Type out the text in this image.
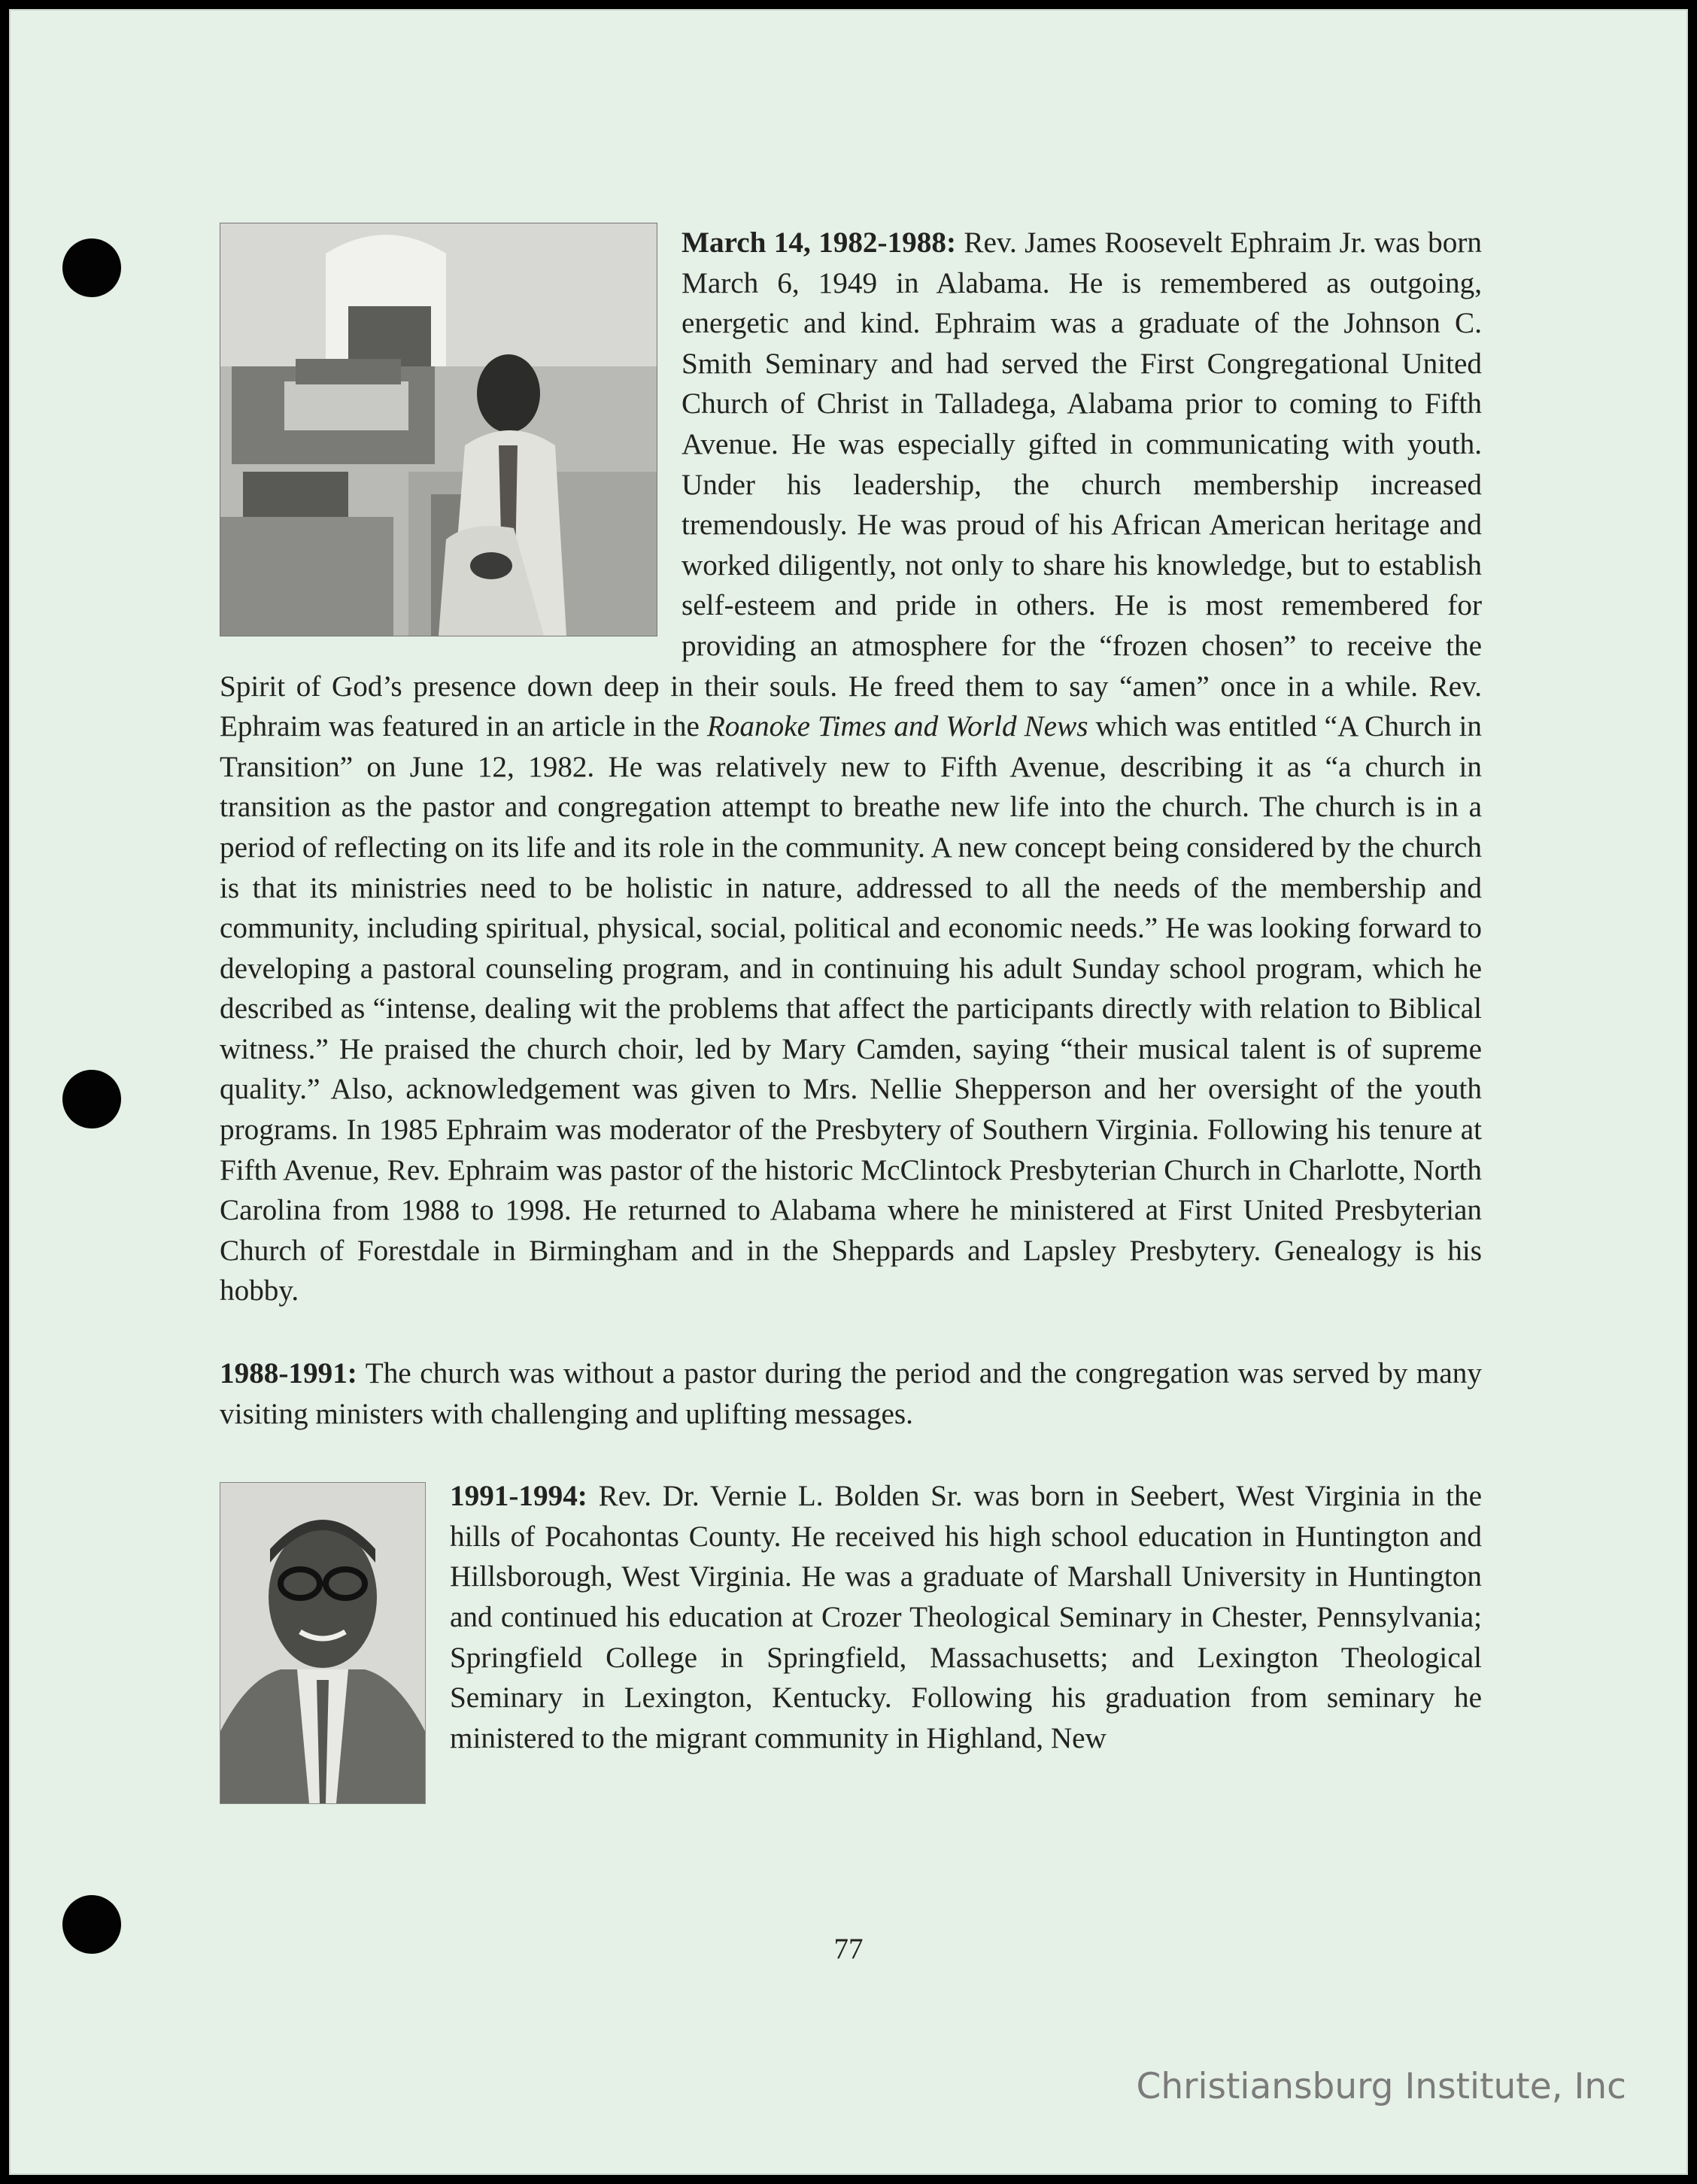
March 14, 1982-1988: Rev. James Roosevelt Ephraim Jr. was born March 6, 1949 in Alabama. He is remembered as outgoing, energetic and kind. Ephraim was a graduate of the Johnson C. Smith Seminary and had served the First Congregational United Church of Christ in Talladega, Alabama prior to coming to Fifth Avenue. He was especially gifted in communicating with youth. Under his leadership, the church membership increased tremendously. He was proud of his African American heritage and worked diligently, not only to share his knowledge, but to establish self-esteem and pride in others. He is most remembered for providing an atmosphere for the “frozen chosen” to receive the Spirit of God’s presence down deep in their souls. He freed them to say “amen” once in a while. Rev. Ephraim was featured in an article in the Roanoke Times and World News which was entitled “A Church in Transition” on June 12, 1982. He was relatively new to Fifth Avenue, describing it as “a church in transition as the pastor and congregation attempt to breathe new life into the church. The church is in a period of reflecting on its life and its role in the community. A new concept being considered by the church is that its ministries need to be holistic in nature, addressed to all the needs of the membership and community, including spiritual, physical, social, political and economic needs.” He was looking forward to developing a pastoral counseling program, and in continuing his adult Sunday school program, which he described as “intense, dealing wit the problems that affect the participants directly with relation to Biblical witness.” He praised the church choir, led by Mary Camden, saying “their musical talent is of supreme quality.” Also, acknowledgement was given to Mrs. Nellie Shepperson and her oversight of the youth programs. In 1985 Ephraim was moderator of the Presbytery of Southern Virginia. Following his tenure at Fifth Avenue, Rev. Ephraim was pastor of the historic McClintock Presbyterian Church in Charlotte, North Carolina from 1988 to 1998. He returned to Alabama where he ministered at First United Presbyterian Church of Forestdale in Birmingham and in the Sheppards and Lapsley Presbytery. Genealogy is his hobby.

1988-1991: The church was without a pastor during the period and the congregation was served by many visiting ministers with challenging and uplifting messages.

1991-1994: Rev. Dr. Vernie L. Bolden Sr. was born in Seebert, West Virginia in the hills of Pocahontas County. He received his high school education in Huntington and Hillsborough, West Virginia. He was a graduate of Marshall University in Huntington and continued his education at Crozer Theological Seminary in Chester, Pennsylvania; Springfield College in Springfield, Massachusetts; and Lexington Theological Seminary in Lexington, Kentucky. Following his graduation from seminary he ministered to the migrant community in Highland, New

77
Christiansburg Institute, Inc
